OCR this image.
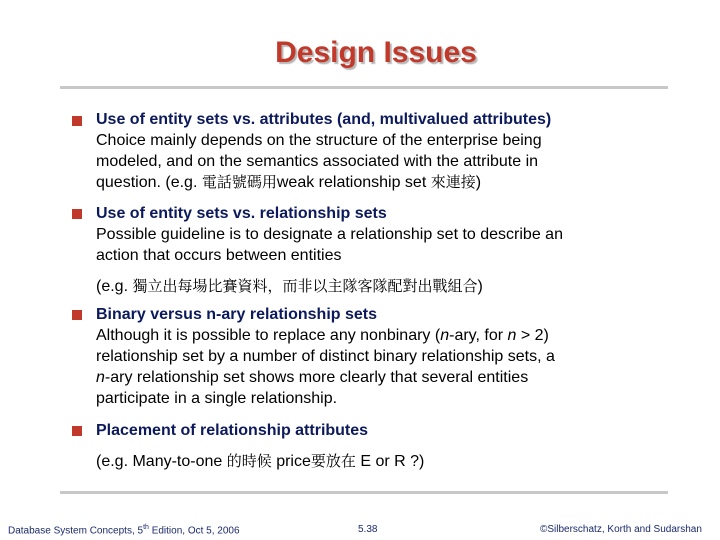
Design Issues
Use of entity sets vs. attributes (and, multivalued attributes)
Choice mainly depends on the structure of the enterprise being
modeled, and on the semantics associated with the attribute in
question. (e.g. 電話號碼用weak relationship set 來連接)
Use of entity sets vs. relationship sets
Possible guideline is to designate a relationship set to describe an
action that occurs between entities
(e.g. 獨立出每場比賽資料，而非以主隊客隊配對出戰組合)
Binary versus n-ary relationship sets
Although it is possible to replace any nonbinary (n-ary, for n > 2)
relationship set by a number of distinct binary relationship sets, a
n-ary relationship set shows more clearly that several entities
participate in a single relationship.
Placement of relationship attributes
(e.g. Many-to-one 的時候 price要放在 E or R ?)
Database System Concepts, 5th Edition, Oct 5, 2006	5.38	©Silberschatz, Korth and Sudarshan
